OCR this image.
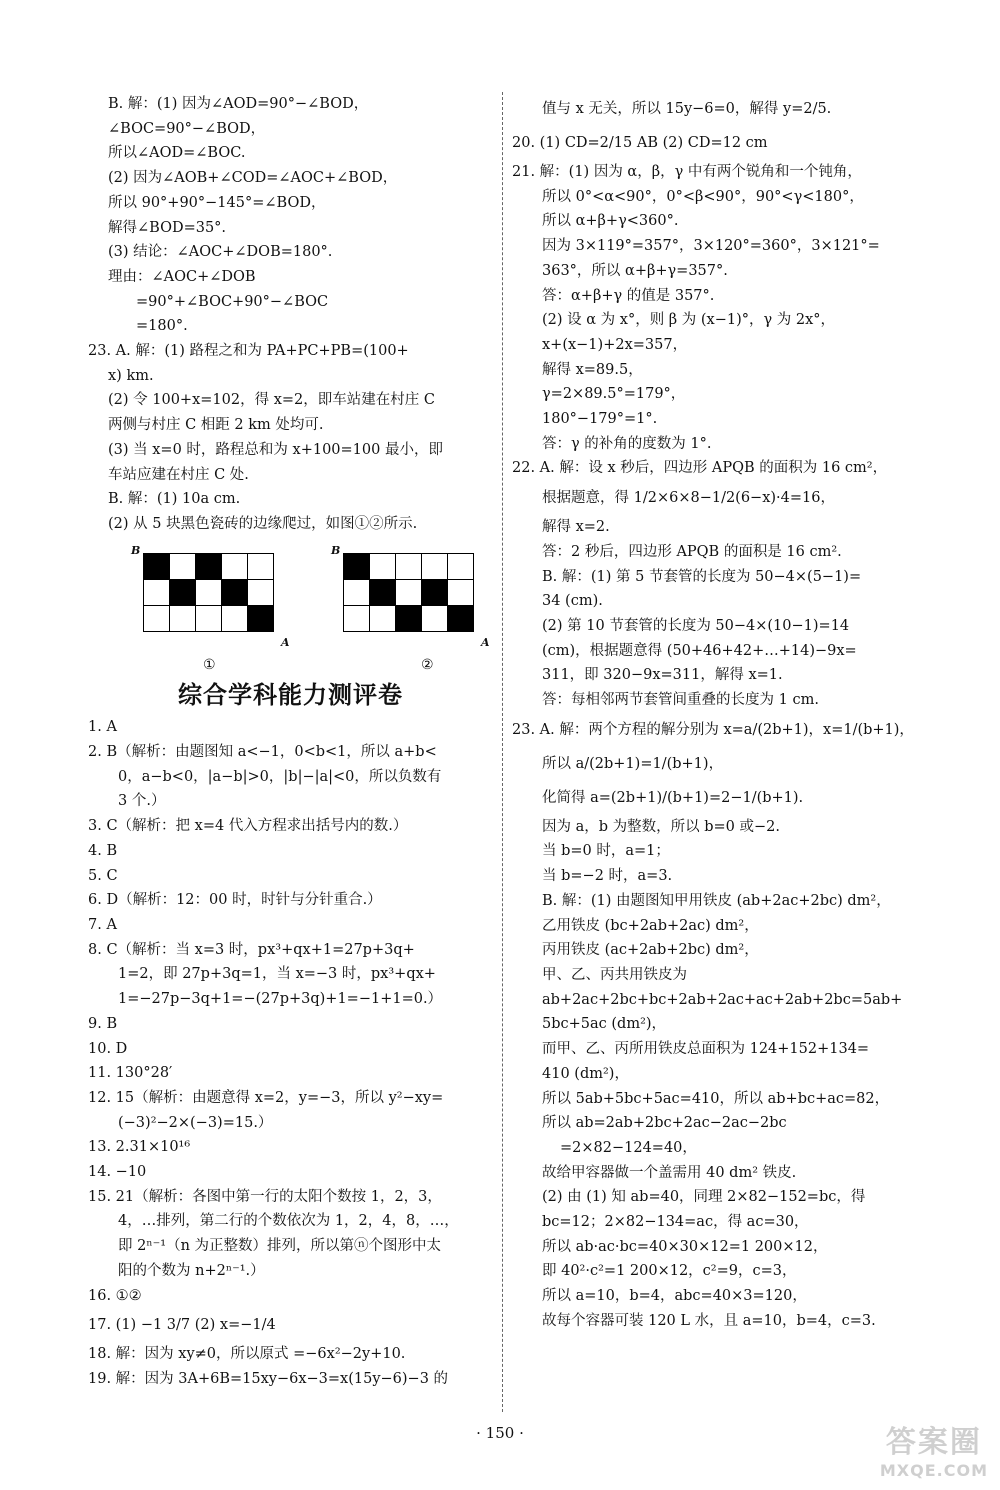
B. 解：(1) 因为∠AOD=90°−∠BOD，
∠BOC=90°−∠BOD，
所以∠AOD=∠BOC.
(2) 因为∠AOB+∠COD=∠AOC+∠BOD，
所以 90°+90°−145°=∠BOD，
解得∠BOD=35°.
(3) 结论：∠AOC+∠DOB=180°.
理由：∠AOC+∠DOB
=90°+∠BOC+90°−∠BOC
=180°.
23. A. 解：(1) 路程之和为 PA+PC+PB=(100+
x) km.
(2) 令 100+x=102，得 x=2，即车站建在村庄 C
两侧与村庄 C 相距 2 km 处均可.
(3) 当 x=0 时，路程总和为 x+100=100 最小，即
车站应建在村庄 C 处.
B. 解：(1) 10a cm.
(2) 从 5 块黑色瓷砖的边缘爬过，如图①②所示.
B
A
①
B
A
②
综合学科能力测评卷
1. A
2. B（解析：由题图知 a<−1，0<b<1，所以 a+b<
0，a−b<0，|a−b|>0，|b|−|a|<0，所以负数有
3 个.）
3. C（解析：把 x=4 代入方程求出括号内的数.）
4. B
5. C
6. D（解析：12：00 时，时针与分针重合.）
7. A
8. C（解析：当 x=3 时，px³+qx+1=27p+3q+
1=2，即 27p+3q=1，当 x=−3 时，px³+qx+
1=−27p−3q+1=−(27p+3q)+1=−1+1=0.）
9. B
10. D
11. 130°28′
12. 15（解析：由题意得 x=2，y=−3，所以 y²−xy=
(−3)²−2×(−3)=15.）
13. 2.31×10¹⁶
14. −10
15. 21（解析：各图中第一行的太阳个数按 1，2，3，
4，…排列，第二行的个数依次为 1，2，4，8，…，
即 2ⁿ⁻¹（n 为正整数）排列，所以第ⓝ个图形中太
阳的个数为 n+2ⁿ⁻¹.）
16. ①②
17. (1) −1 3/7 (2) x=−1/4
18. 解：因为 xy≠0，所以原式 =−6x²−2y+10.
19. 解：因为 3A+6B=15xy−6x−3=x(15y−6)−3 的
值与 x 无关，所以 15y−6=0，解得 y=2/5.
20. (1) CD=2/15 AB (2) CD=12 cm
21. 解：(1) 因为 α，β，γ 中有两个锐角和一个钝角，
所以 0°<α<90°，0°<β<90°，90°<γ<180°，
所以 α+β+γ<360°.
因为 3×119°=357°，3×120°=360°，3×121°=
363°，所以 α+β+γ=357°.
答：α+β+γ 的值是 357°.
(2) 设 α 为 x°，则 β 为 (x−1)°，γ 为 2x°，
x+(x−1)+2x=357，
解得 x=89.5，
γ=2×89.5°=179°，
180°−179°=1°.
答：γ 的补角的度数为 1°.
22. A. 解：设 x 秒后，四边形 APQB 的面积为 16 cm²，
根据题意，得 1/2×6×8−1/2(6−x)·4=16，
解得 x=2.
答：2 秒后，四边形 APQB 的面积是 16 cm².
B. 解：(1) 第 5 节套管的长度为 50−4×(5−1)=
34 (cm).
(2) 第 10 节套管的长度为 50−4×(10−1)=14
(cm)，根据题意得 (50+46+42+…+14)−9x=
311，即 320−9x=311，解得 x=1.
答：每相邻两节套管间重叠的长度为 1 cm.
23. A. 解：两个方程的解分别为 x=a/(2b+1)，x=1/(b+1)，
所以 a/(2b+1)=1/(b+1)，
化简得 a=(2b+1)/(b+1)=2−1/(b+1).
因为 a，b 为整数，所以 b=0 或−2.
当 b=0 时，a=1；
当 b=−2 时，a=3.
B. 解：(1) 由题图知甲用铁皮 (ab+2ac+2bc) dm²，
乙用铁皮 (bc+2ab+2ac) dm²，
丙用铁皮 (ac+2ab+2bc) dm²，
甲、乙、丙共用铁皮为
ab+2ac+2bc+bc+2ab+2ac+ac+2ab+2bc=5ab+
5bc+5ac (dm²)，
而甲、乙、丙所用铁皮总面积为 124+152+134=
410 (dm²)，
所以 5ab+5bc+5ac=410，所以 ab+bc+ac=82，
所以 ab=2ab+2bc+2ac−2ac−2bc
=2×82−124=40，
故给甲容器做一个盖需用 40 dm² 铁皮.
(2) 由 (1) 知 ab=40，同理 2×82−152=bc，得
bc=12；2×82−134=ac，得 ac=30，
所以 ab·ac·bc=40×30×12=1 200×12，
即 40²·c²=1 200×12，c²=9，c=3，
所以 a=10，b=4，abc=40×3=120，
故每个容器可装 120 L 水，且 a=10，b=4，c=3.
· 150 ·	答案圈
MXQE.COM
